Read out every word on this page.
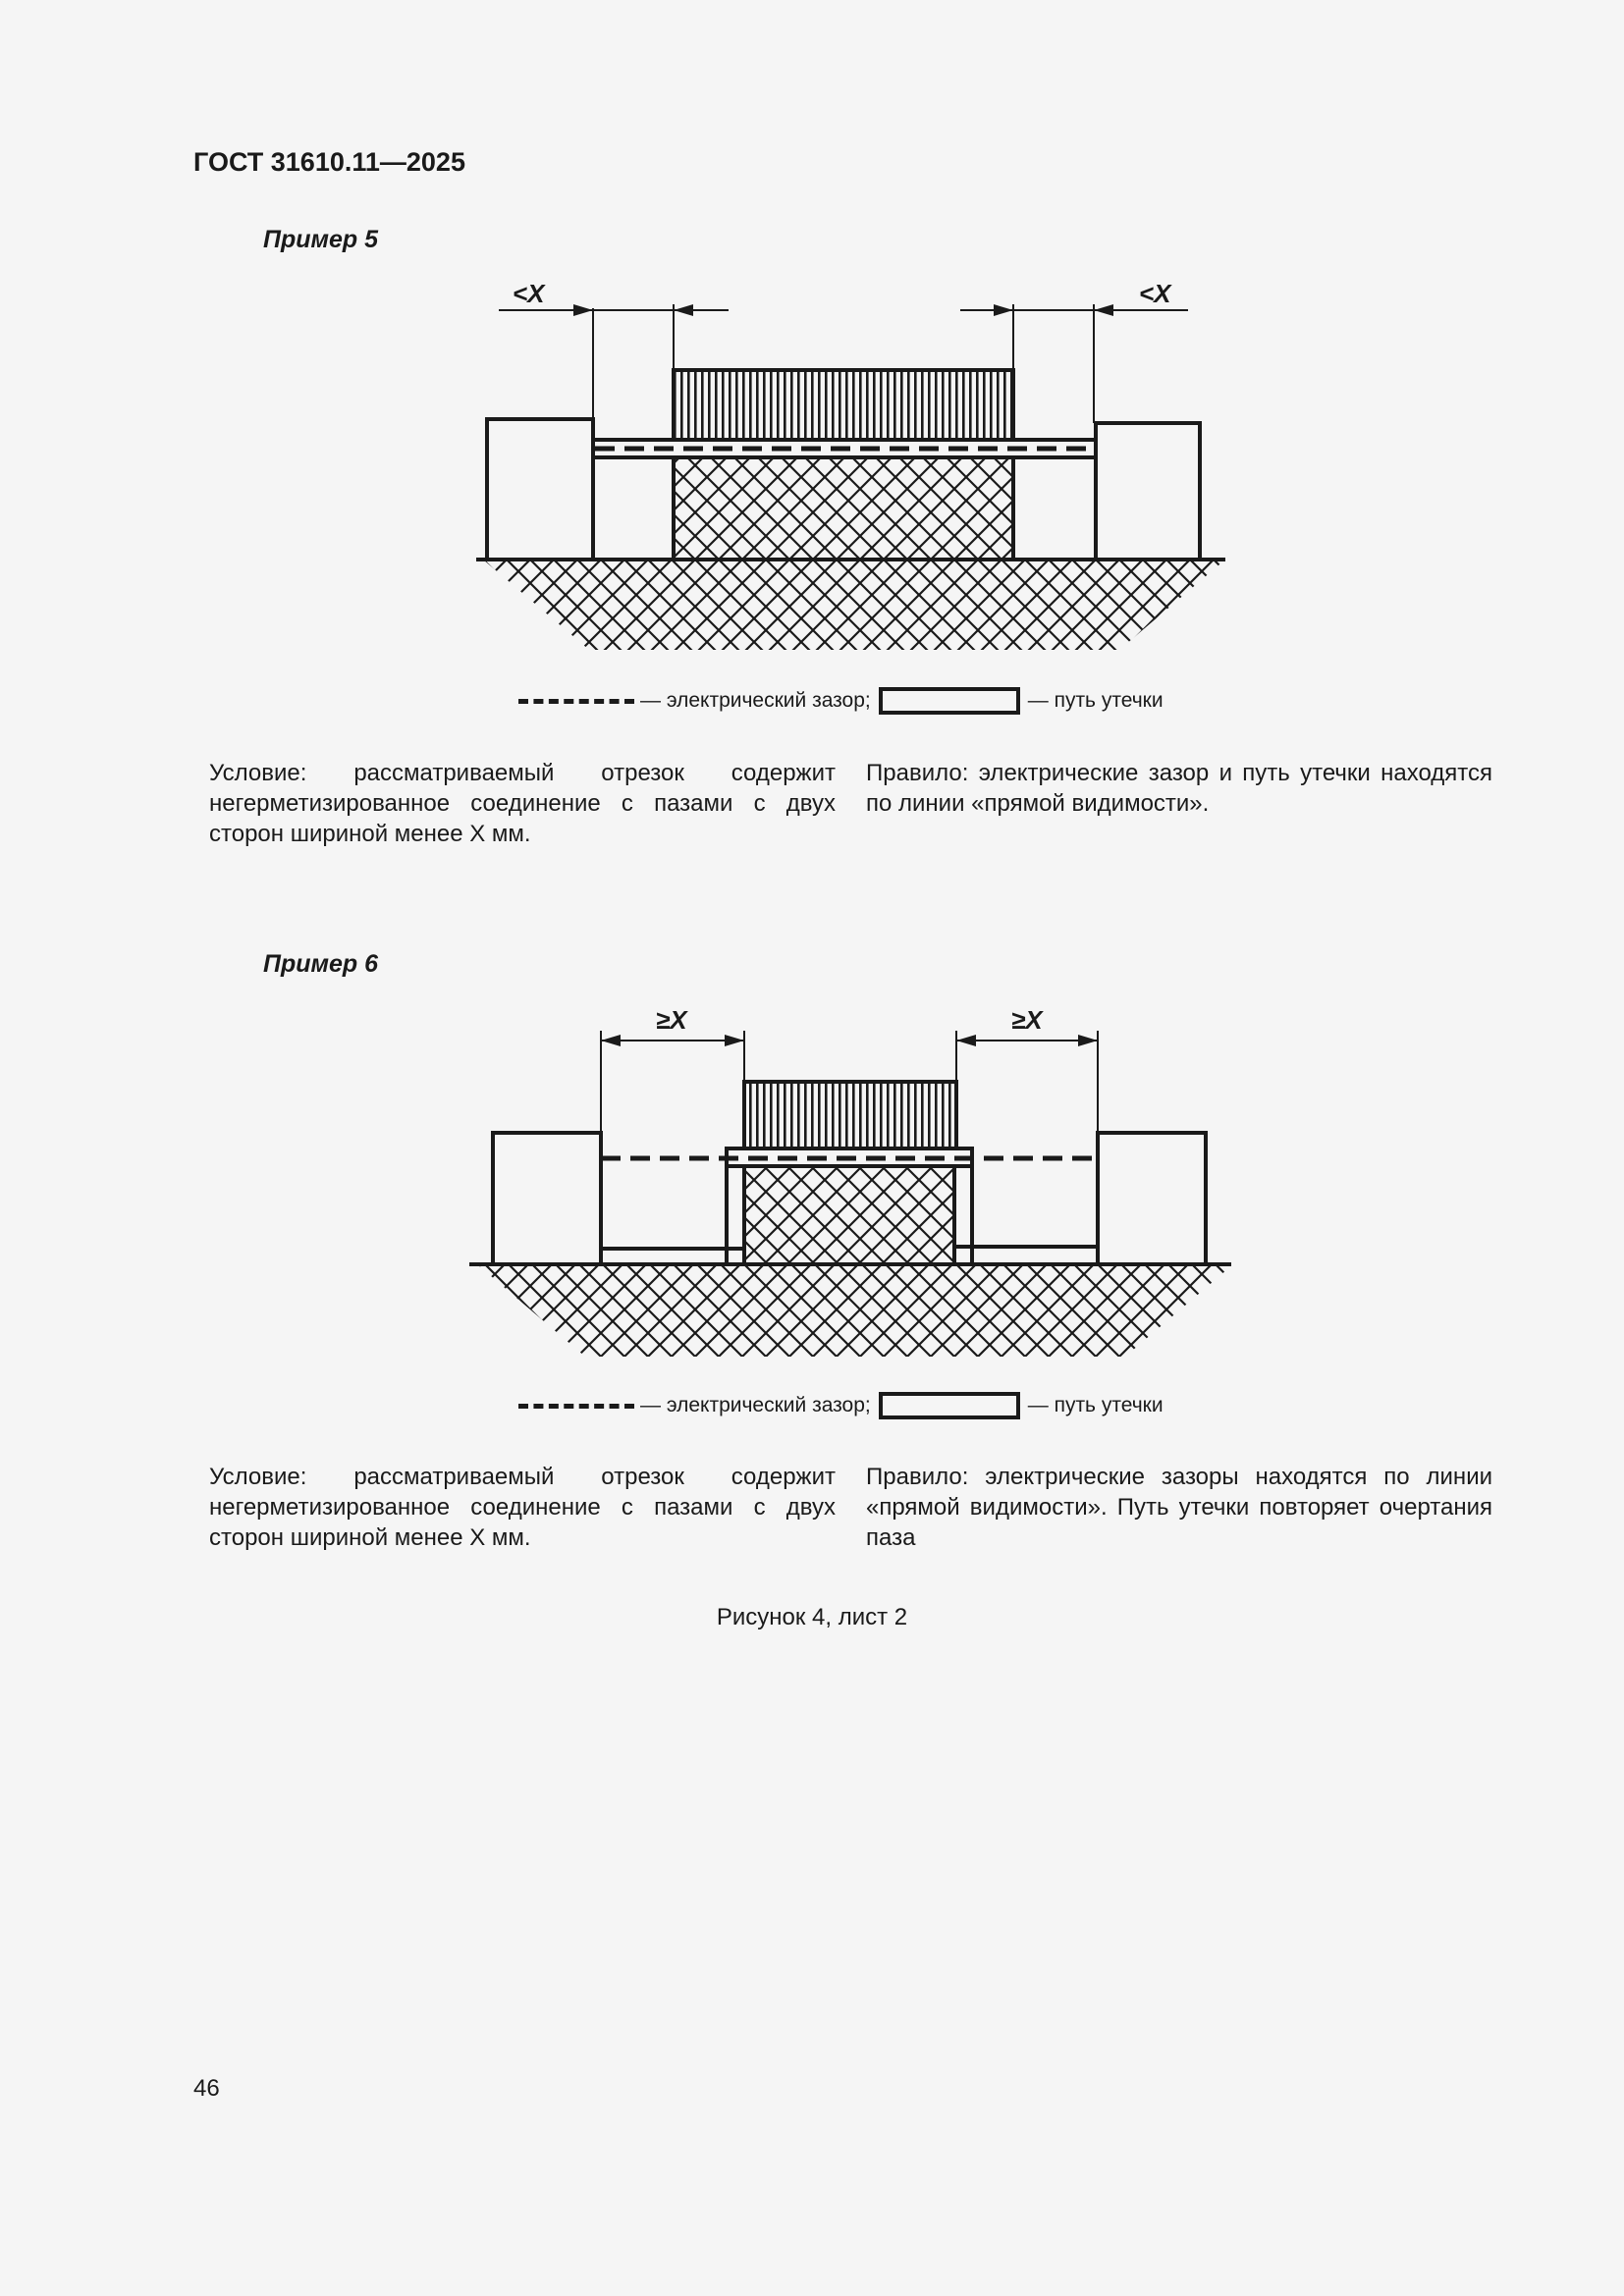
ГОСТ 31610.11—2025
Пример 5
<X	<X
— электрический зазор;	— путь утечки
Условие: рассматриваемый отрезок содержит негерметизированное соединение с пазами с двух сторон шириной менее X мм.
Правило: электрические зазор и путь утечки находятся по линии «прямой видимости».
Пример 6
≥X	≥X
— электрический зазор;	— путь утечки
Условие: рассматриваемый отрезок содержит негерметизированное соединение с пазами с двух сторон шириной менее X мм.
Правило: электрические зазоры находятся по линии «прямой видимости». Путь утечки повторяет очертания паза
Рисунок 4, лист 2
46
